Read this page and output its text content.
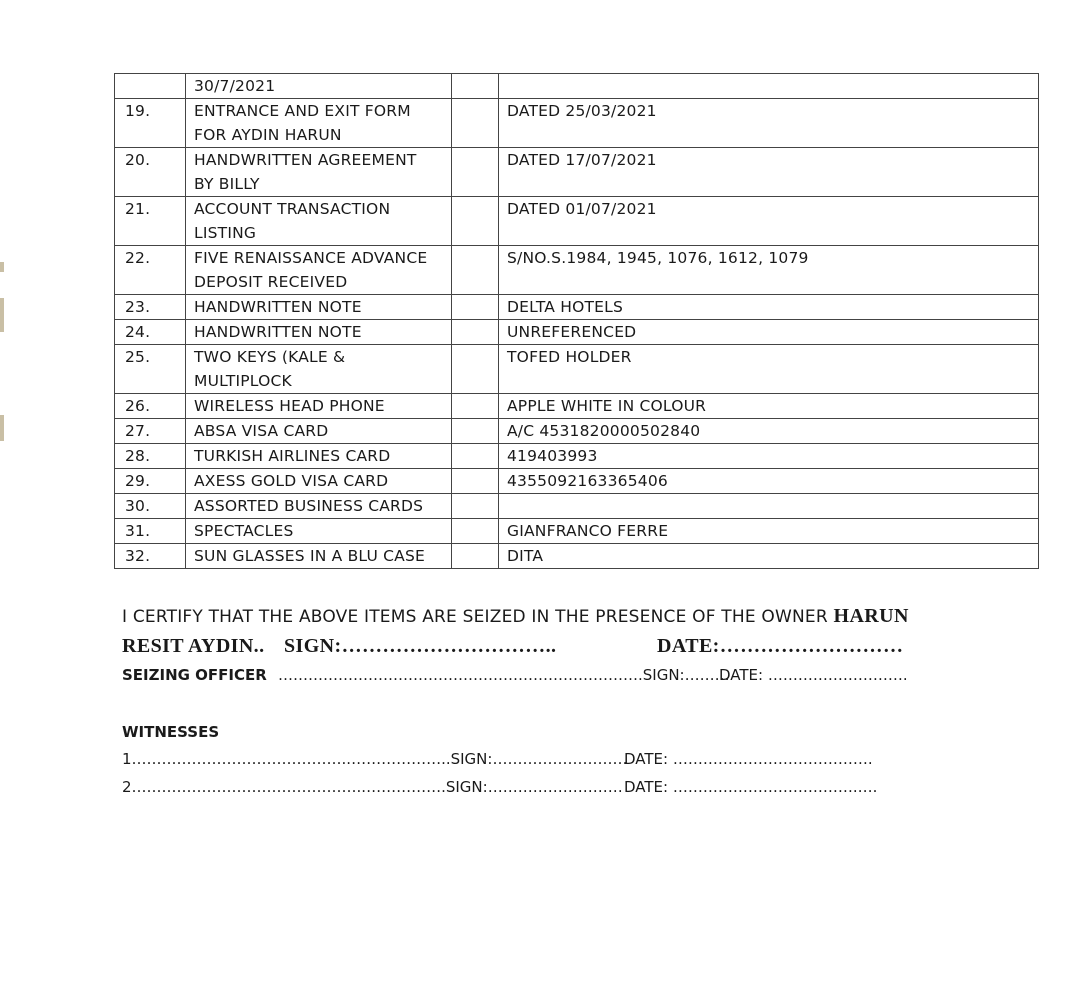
	30/7/2021		
19.	ENTRANCE AND EXIT FORM
FOR AYDIN HARUN		DATED 25/03/2021
20.	HANDWRITTEN AGREEMENT
BY BILLY		DATED 17/07/2021
21.	ACCOUNT TRANSACTION
LISTING		DATED 01/07/2021
22.	FIVE RENAISSANCE ADVANCE
DEPOSIT RECEIVED		S/NO.S.1984, 1945, 1076, 1612, 1079
23.	HANDWRITTEN NOTE		DELTA HOTELS
24.	HANDWRITTEN NOTE		UNREFERENCED
25.	TWO KEYS (KALE &
MULTIPLOCK		TOFED HOLDER
26.	WIRELESS HEAD PHONE		APPLE WHITE IN COLOUR
27.	ABSA VISA CARD		A/C 4531820000502840
28.	TURKISH AIRLINES CARD		419403993
29.	AXESS GOLD VISA CARD		4355092163365406
30.	ASSORTED BUSINESS CARDS		
31.	SPECTACLES		GIANFRANCO FERRE
32.	SUN GLASSES IN A BLU CASE		DITA
I CERTIFY THAT THE ABOVE ITEMS ARE SEIZED IN THE PRESENCE OF THE OWNER HARUN
RESIT AYDIN.. SIGN:…………………………..	DATE:………………………
SEIZING OFFICER ……………………………………………………………….SIGN:………
DATE: ……………………….
WITNESSES
1……………………………………..………………..SIGN:………………………
DATE: ………………………………….
2………………………………………..…………….SIGN:……………………… DATE: ……………………………….….
